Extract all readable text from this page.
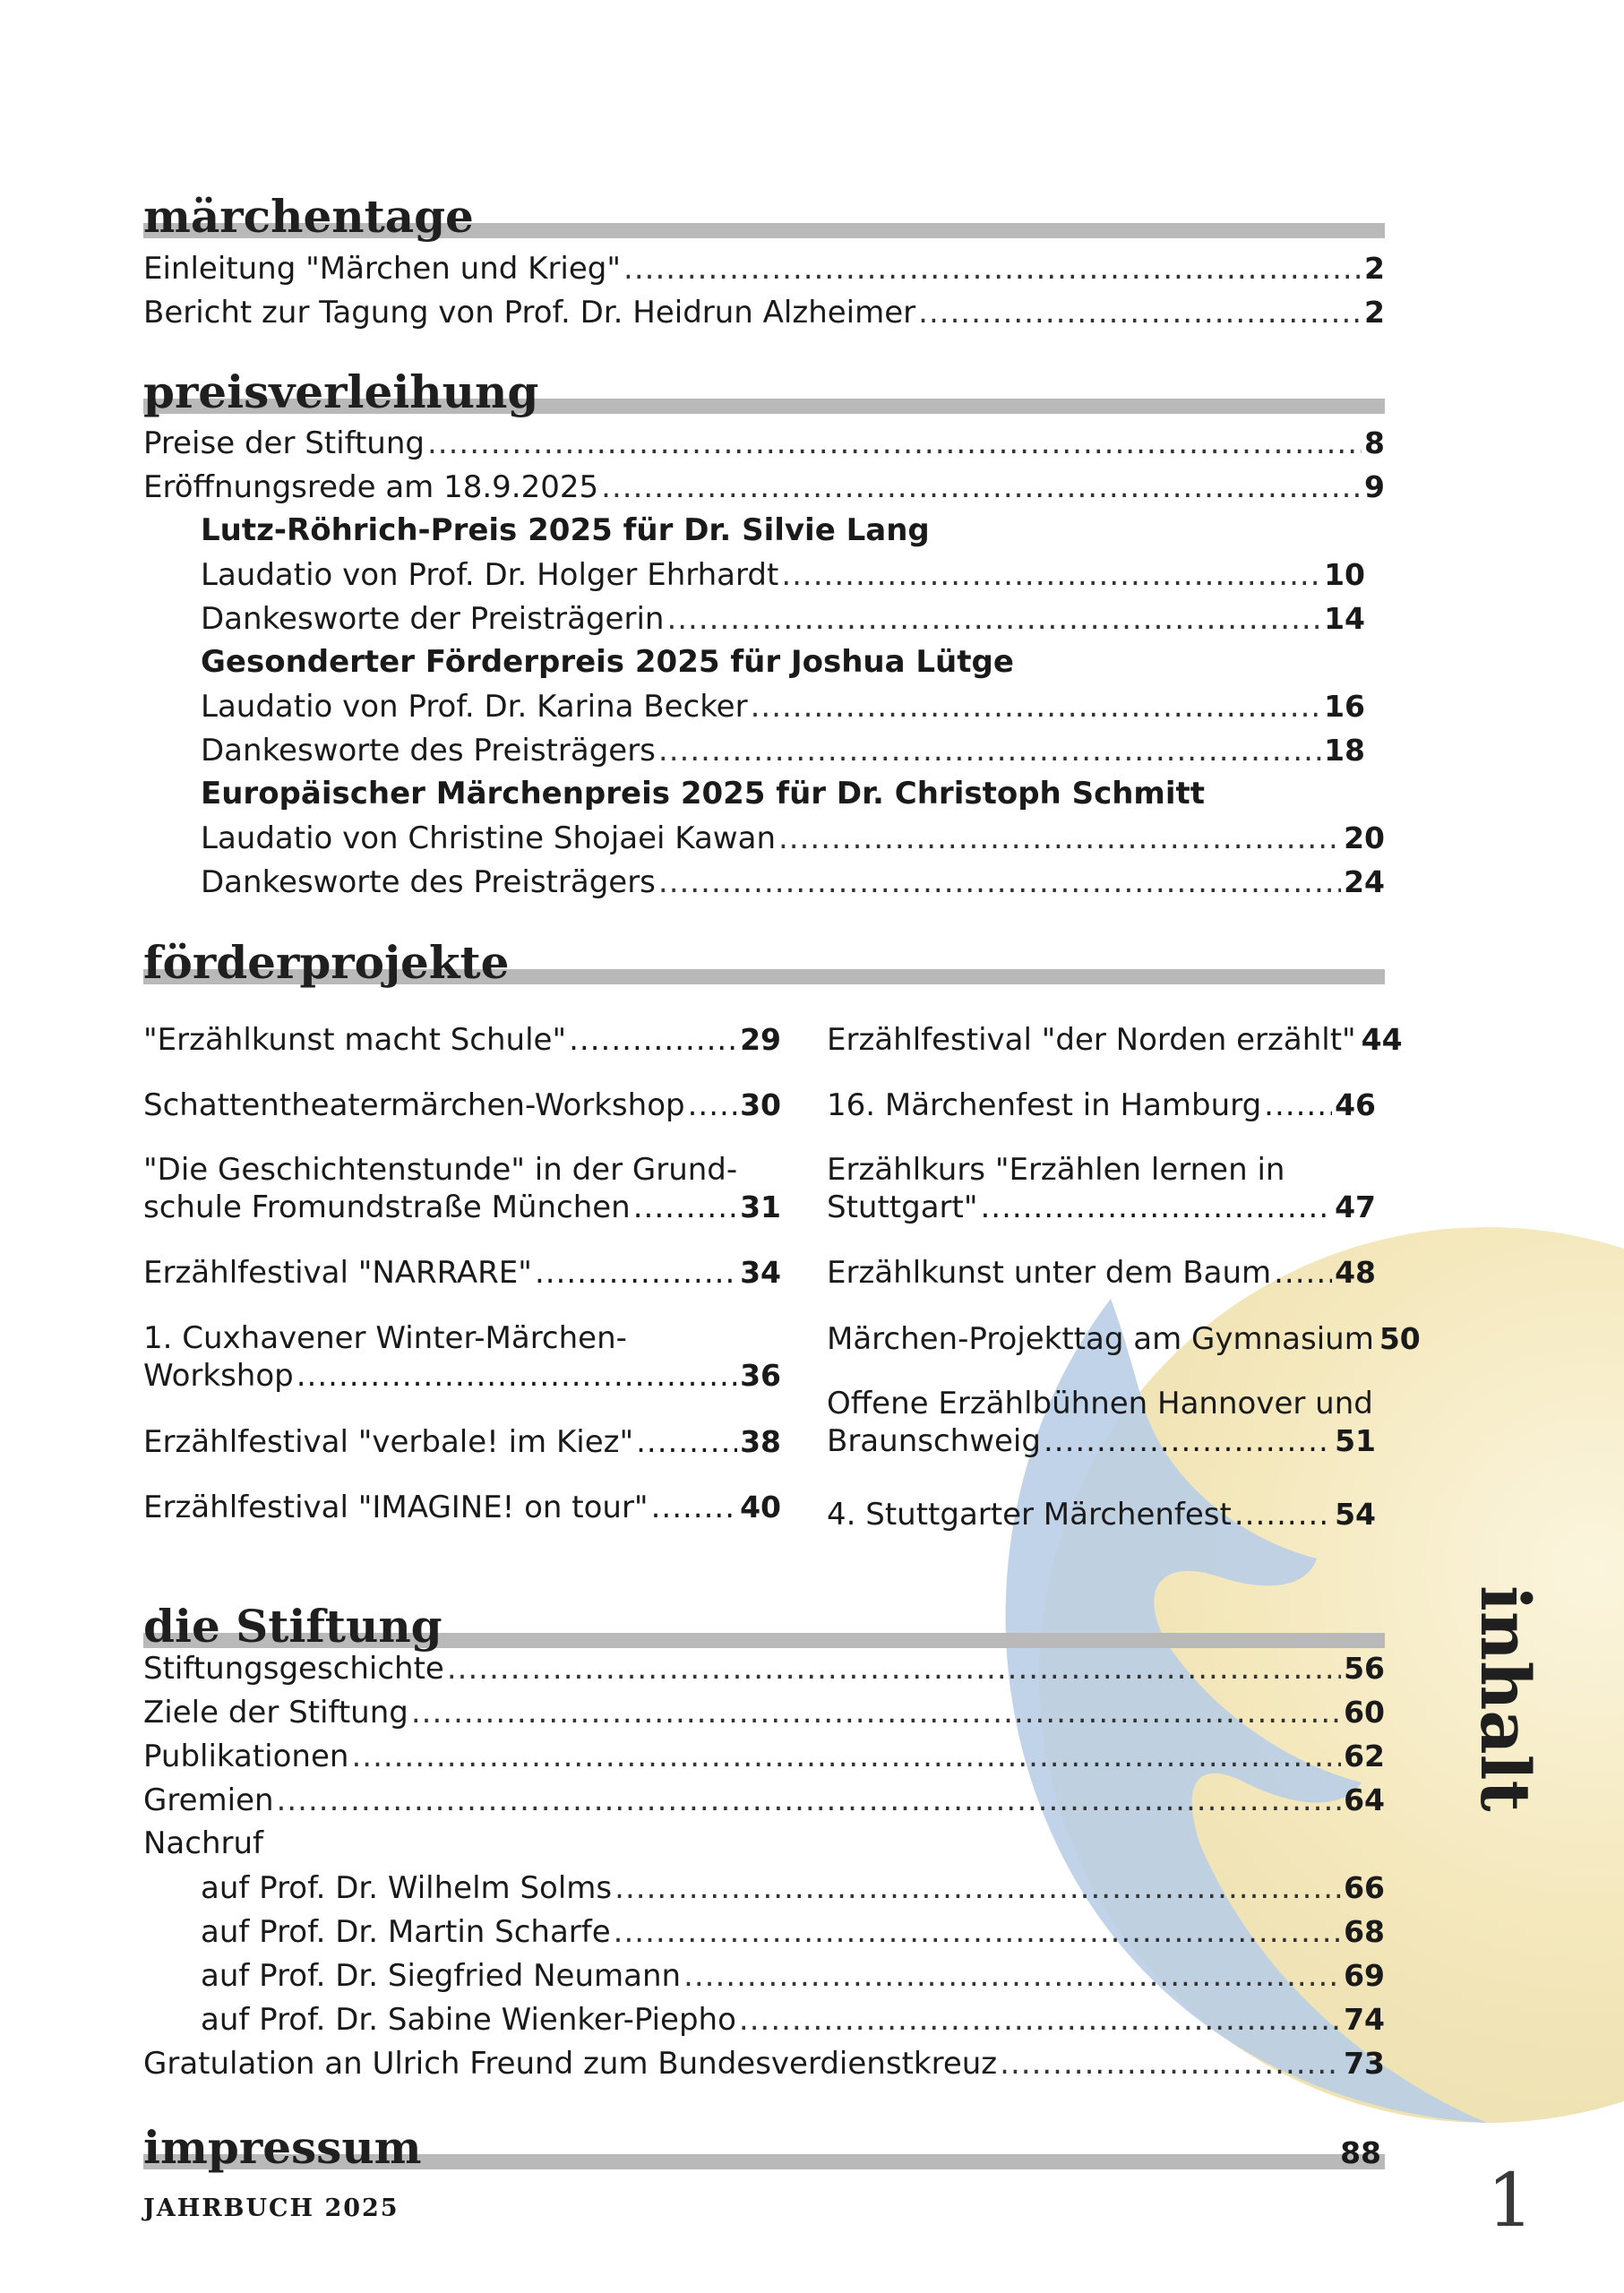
märchentage
Einleitung "Märchen und Krieg" .....	2
Bericht zur Tagung von Prof. Dr. Heidrun Alzheimer .....	2
preisverleihung
Preise der Stiftung .....	8
Eröffnungsrede am 18.9.2025 .....	9
Lutz-Röhrich-Preis 2025 für Dr. Silvie Lang
Laudatio von Prof. Dr. Holger Ehrhardt .....	10
Dankesworte der Preisträgerin .....	14
Gesonderter Förderpreis 2025 für Joshua Lütge
Laudatio von Prof. Dr. Karina Becker .....	16
Dankesworte des Preisträgers .....	18
Europäischer Märchenpreis 2025 für Dr. Christoph Schmitt
Laudatio von Christine Shojaei Kawan .....	20
Dankesworte des Preisträgers .....	24
förderprojekte
"Erzählkunst macht Schule" .....	29
Schattentheatermärchen-Workshop ..... 30
"Die Geschichtenstunde" in der Grund-
schule Fromundstraße München .....	31
Erzählfestival "NARRARE" .....	34
1. Cuxhavener Winter-Märchen-
Workshop .....	36
Erzählfestival "verbale! im Kiez" .....	38
Erzählfestival "IMAGINE! on tour" .....	40
Erzählfestival "der Norden erzählt" 44
16. Märchenfest in Hamburg ..... 46
Erzählkurs "Erzählen lernen in
Stuttgart" .....	47
Erzählkunst unter dem Baum ..... 48
Märchen-Projekttag am Gymnasium 50
Offene Erzählbühnen Hannover und
Braunschweig .....	51
4. Stuttgarter Märchenfest .....	54
die Stiftung
Stiftungsgeschichte .....	56
Ziele der Stiftung .....	60
Publikationen .....	62
Gremien .....	64
Nachruf
auf Prof. Dr. Wilhelm Solms .....	66
auf Prof. Dr. Martin Scharfe .....	68
auf Prof. Dr. Siegfried Neumann .....	69
auf Prof. Dr. Sabine Wienker-Piepho .....	74
Gratulation an Ulrich Freund zum Bundesverdienstkreuz .....	73
impressum	88
inhalt
JAHRBUCH 2025	1
